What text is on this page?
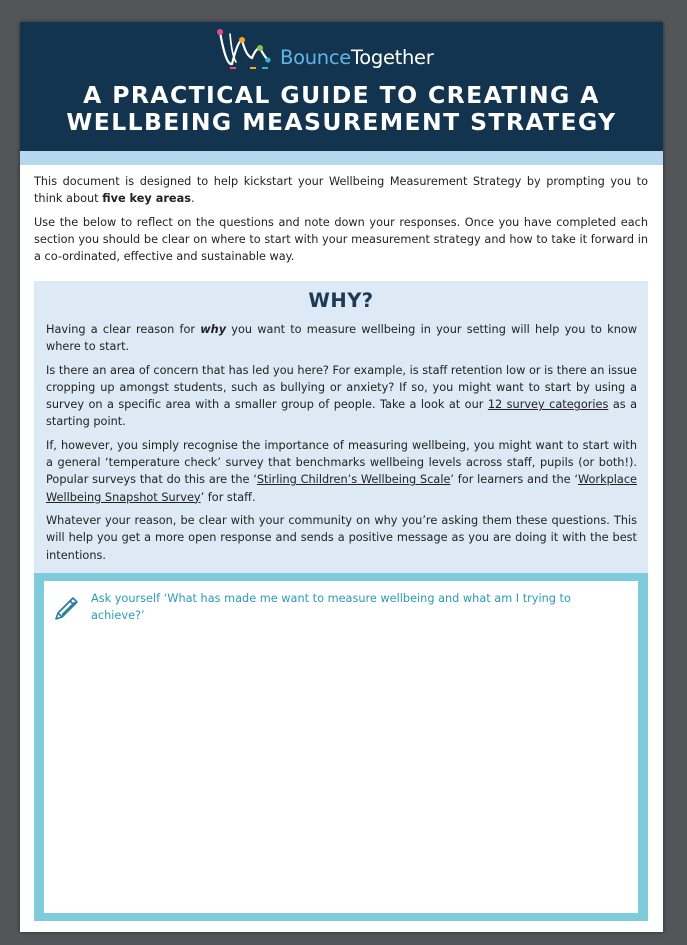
BounceTogether
A PRACTICAL GUIDE TO CREATING A
WELLBEING MEASUREMENT STRATEGY

This document is designed to help kickstart your Wellbeing Measurement Strategy by prompting you to think about five key areas.

Use the below to reflect on the questions and note down your responses. Once you have completed each section you should be clear on where to start with your measurement strategy and how to take it forward in a co-ordinated, effective and sustainable way.

WHY?

Having a clear reason for why you want to measure wellbeing in your setting will help you to know where to start.

Is there an area of concern that has led you here? For example, is staff retention low or is there an issue cropping up amongst students, such as bullying or anxiety? If so, you might want to start by using a survey on a specific area with a smaller group of people. Take a look at our 12 survey categories as a starting point.

If, however, you simply recognise the importance of measuring wellbeing, you might want to start with a general ‘temperature check’ survey that benchmarks wellbeing levels across staff, pupils (or both!). Popular surveys that do this are the ‘Stirling Children’s Wellbeing Scale’ for learners and the ‘Workplace Wellbeing Snapshot Survey’ for staff.

Whatever your reason, be clear with your community on why you’re asking them these questions. This will help you get a more open response and sends a positive message as you are doing it with the best intentions.

Ask yourself ‘What has made me want to measure wellbeing and what am I trying to achieve?’
